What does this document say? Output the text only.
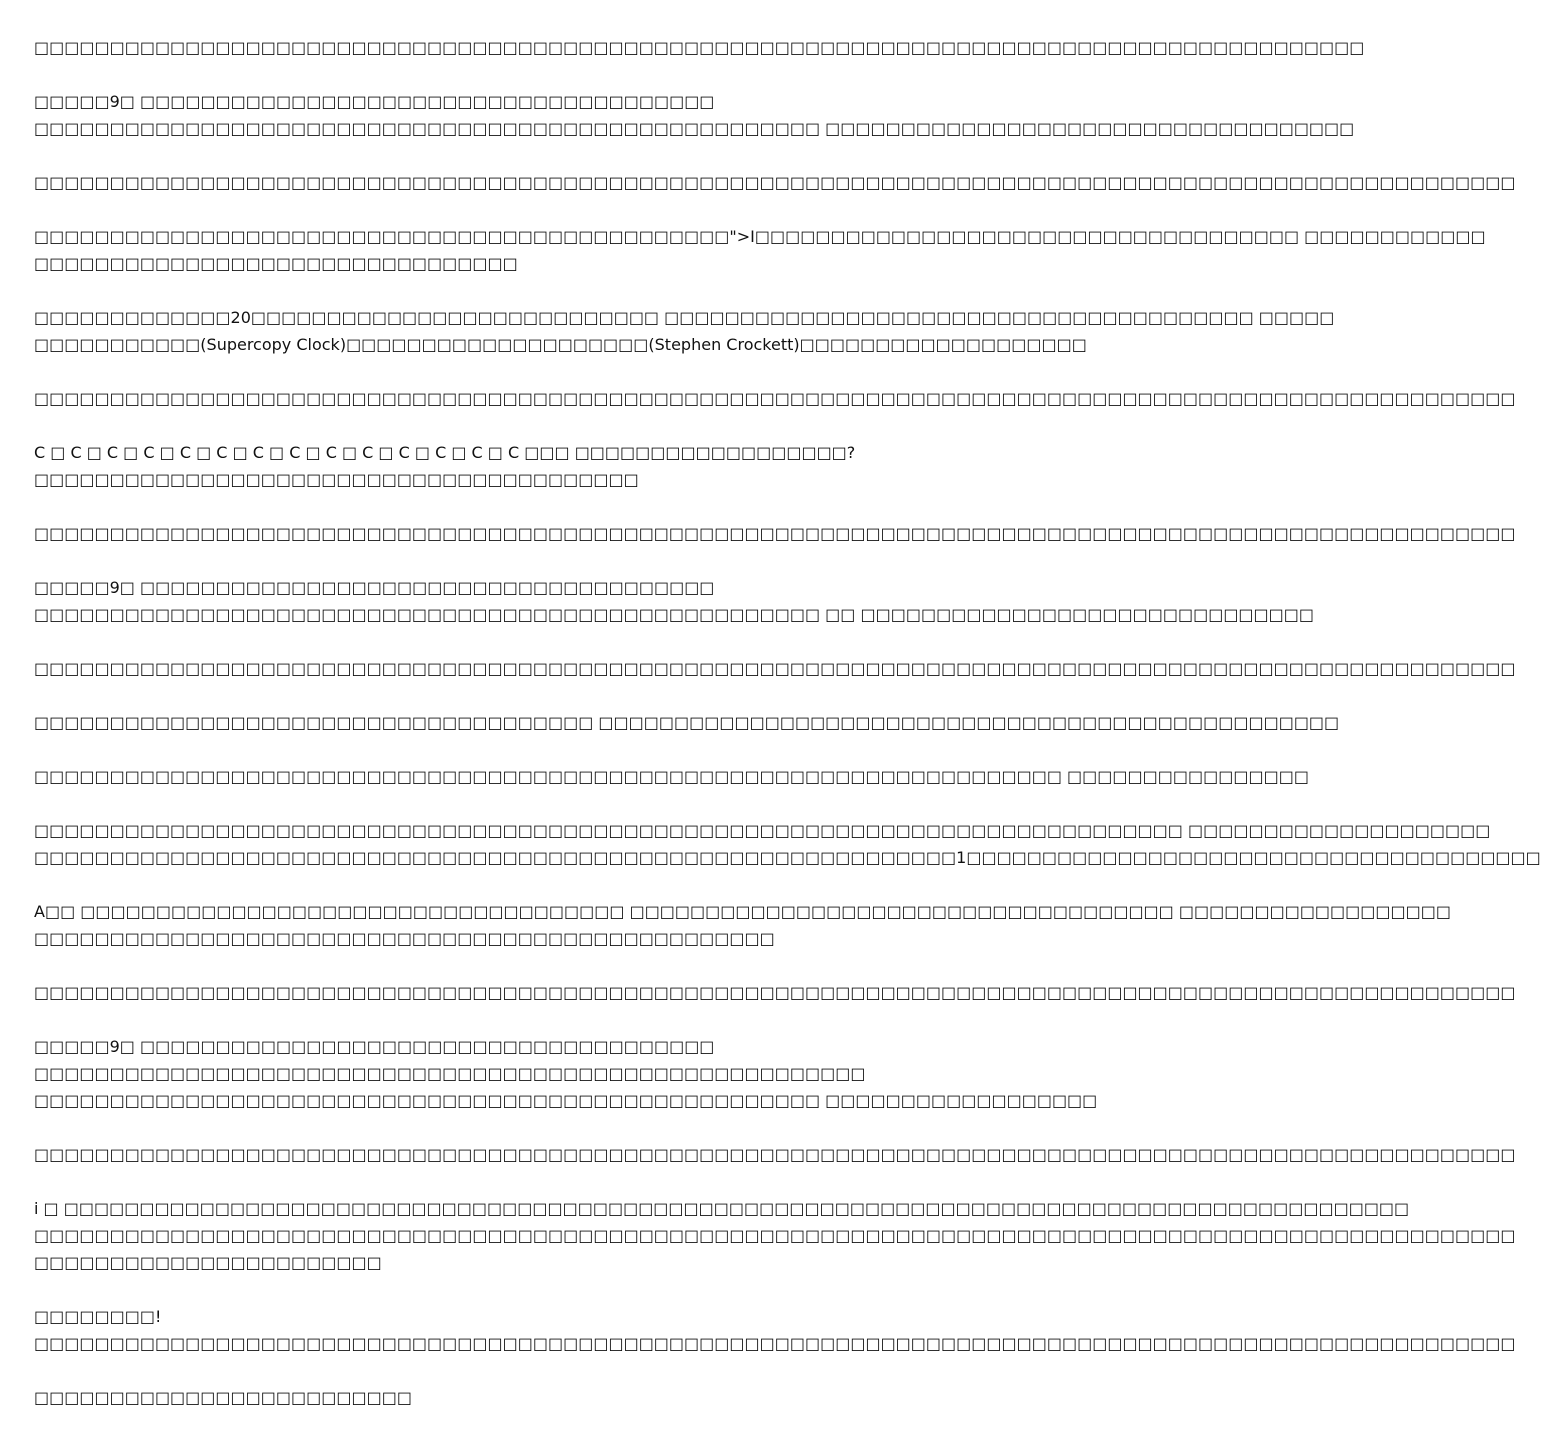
□□□□□□□□□□□□□□□□□□□□□□□□□□□□□□□□□□□□□□□□□□□□□□□□□□□□□□□□□□□□□□□□□□□□□□□□□□□□□□□□□□□□□□□□

□□□□□9□ □□□□□□□□□□□□□□□□□□□□□□□□□□□□□□□□□□□□□□
□□□□□□□□□□□□□□□□□□□□□□□□□□□□□□□□□□□□□□□□□□□□□□□□□□□□ □□□□□□□□□□□□□□□□□□□□□□□□□□□□□□□□□□□

□□□□□□□□□□□□□□□□□□□□□□□□□□□□□□□□□□□□□□□□□□□□□□□□□□□□□□□□□□□□□□□□□□□□□□□□□□□□□□□□□□□□□□□□□□□□□□□□□□

□□□□□□□□□□□□□□□□□□□□□□□□□□□□□□□□□□□□□□□□□□□□□□">I□□□□□□□□□□□□□□□□□□□□□□□□□□□□□□□□□□□□ □□□□□□□□□□□□
□□□□□□□□□□□□□□□□□□□□□□□□□□□□□□□□

□□□□□□□□□□□□□20□□□□□□□□□□□□□□□□□□□□□□□□□□□ □□□□□□□□□□□□□□□□□□□□□□□□□□□□□□□□□□□□□□□ □□□□□
□□□□□□□□□□□(Supercopy Clock)□□□□□□□□□□□□□□□□□□□□(Stephen Crockett)□□□□□□□□□□□□□□□□□□□

□□□□□□□□□□□□□□□□□□□□□□□□□□□□□□□□□□□□□□□□□□□□□□□□□□□□□□□□□□□□□□□□□□□□□□□□□□□□□□□□□□□□□□□□□□□□□□□□□□

C □ C □ C □ C □ C □ C □ C □ C □ C □ C □ C □ C □ C □ C □□□ □□□□□□□□□□□□□□□□□□?
□□□□□□□□□□□□□□□□□□□□□□□□□□□□□□□□□□□□□□□□

□□□□□□□□□□□□□□□□□□□□□□□□□□□□□□□□□□□□□□□□□□□□□□□□□□□□□□□□□□□□□□□□□□□□□□□□□□□□□□□□□□□□□□□□□□□□□□□□□□

□□□□□9□ □□□□□□□□□□□□□□□□□□□□□□□□□□□□□□□□□□□□□□
□□□□□□□□□□□□□□□□□□□□□□□□□□□□□□□□□□□□□□□□□□□□□□□□□□□□ □□ □□□□□□□□□□□□□□□□□□□□□□□□□□□□□□

□□□□□□□□□□□□□□□□□□□□□□□□□□□□□□□□□□□□□□□□□□□□□□□□□□□□□□□□□□□□□□□□□□□□□□□□□□□□□□□□□□□□□□□□□□□□□□□□□□

□□□□□□□□□□□□□□□□□□□□□□□□□□□□□□□□□□□□□ □□□□□□□□□□□□□□□□□□□□□□□□□□□□□□□□□□□□□□□□□□□□□□□□□

□□□□□□□□□□□□□□□□□□□□□□□□□□□□□□□□□□□□□□□□□□□□□□□□□□□□□□□□□□□□□□□□□□□□ □□□□□□□□□□□□□□□□

□□□□□□□□□□□□□□□□□□□□□□□□□□□□□□□□□□□□□□□□□□□□□□□□□□□□□□□□□□□□□□□□□□□□□□□□□□□□ □□□□□□□□□□□□□□□□□□□□
□□□□□□□□□□□□□□□□□□□□□□□□□□□□□□□□□□□□□□□□□□□□□□□□□□□□□□□□□□□□□1□□□□□□□□□□□□□□□□□□□□□□□□□□□□□□□□□□□□□□

A□□ □□□□□□□□□□□□□□□□□□□□□□□□□□□□□□□□□□□□ □□□□□□□□□□□□□□□□□□□□□□□□□□□□□□□□□□□□ □□□□□□□□□□□□□□□□□□
□□□□□□□□□□□□□□□□□□□□□□□□□□□□□□□□□□□□□□□□□□□□□□□□□

□□□□□□□□□□□□□□□□□□□□□□□□□□□□□□□□□□□□□□□□□□□□□□□□□□□□□□□□□□□□□□□□□□□□□□□□□□□□□□□□□□□□□□□□□□□□□□□□□□

□□□□□9□ □□□□□□□□□□□□□□□□□□□□□□□□□□□□□□□□□□□□□□
□□□□□□□□□□□□□□□□□□□□□□□□□□□□□□□□□□□□□□□□□□□□□□□□□□□□□□□
□□□□□□□□□□□□□□□□□□□□□□□□□□□□□□□□□□□□□□□□□□□□□□□□□□□□ □□□□□□□□□□□□□□□□□□

□□□□□□□□□□□□□□□□□□□□□□□□□□□□□□□□□□□□□□□□□□□□□□□□□□□□□□□□□□□□□□□□□□□□□□□□□□□□□□□□□□□□□□□□□□□□□□□□□□

i □ □□□□□□□□□□□□□□□□□□□□□□□□□□□□□□□□□□□□□□□□□□□□□□□□□□□□□□□□□□□□□□□□□□□□□□□□□□□□□□□□□□□□□□□□□
□□□□□□□□□□□□□□□□□□□□□□□□□□□□□□□□□□□□□□□□□□□□□□□□□□□□□□□□□□□□□□□□□□□□□□□□□□□□□□□□□□□□□□□□□□□□□□□□□□
□□□□□□□□□□□□□□□□□□□□□□□

□□□□□□□□!
□□□□□□□□□□□□□□□□□□□□□□□□□□□□□□□□□□□□□□□□□□□□□□□□□□□□□□□□□□□□□□□□□□□□□□□□□□□□□□□□□□□□□□□□□□□□□□□□□□

□□□□□□□□□□□□□□□□□□□□□□□□□
